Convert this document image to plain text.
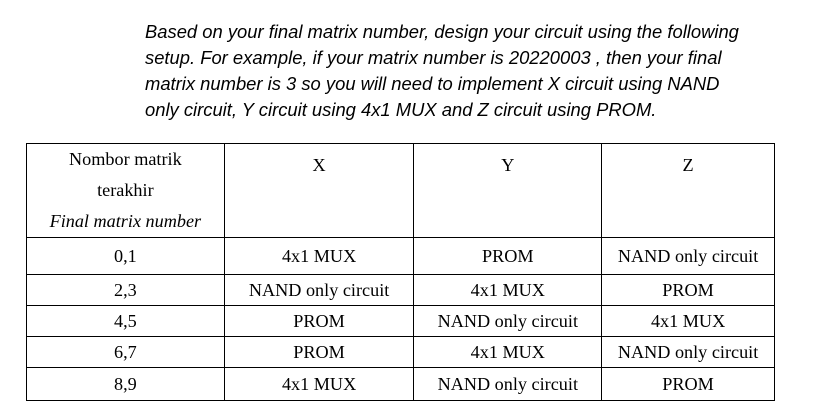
Based on your final matrix number, design your circuit using the following
setup. For example, if your matrix number is 20220003 , then your final
matrix number is 3 so you will need to implement X circuit using NAND
only circuit, Y circuit using 4x1 MUX and Z circuit using PROM.
Nombor matrik
terakhir
Final matrix number	X	Y	Z

0,1	4x1 MUX	PROM	NAND only circuit
2,3	NAND only circuit	4x1 MUX	PROM
4,5	PROM	NAND only circuit	4x1 MUX
6,7	PROM	4x1 MUX	NAND only circuit
8,9	4x1 MUX	NAND only circuit	PROM
